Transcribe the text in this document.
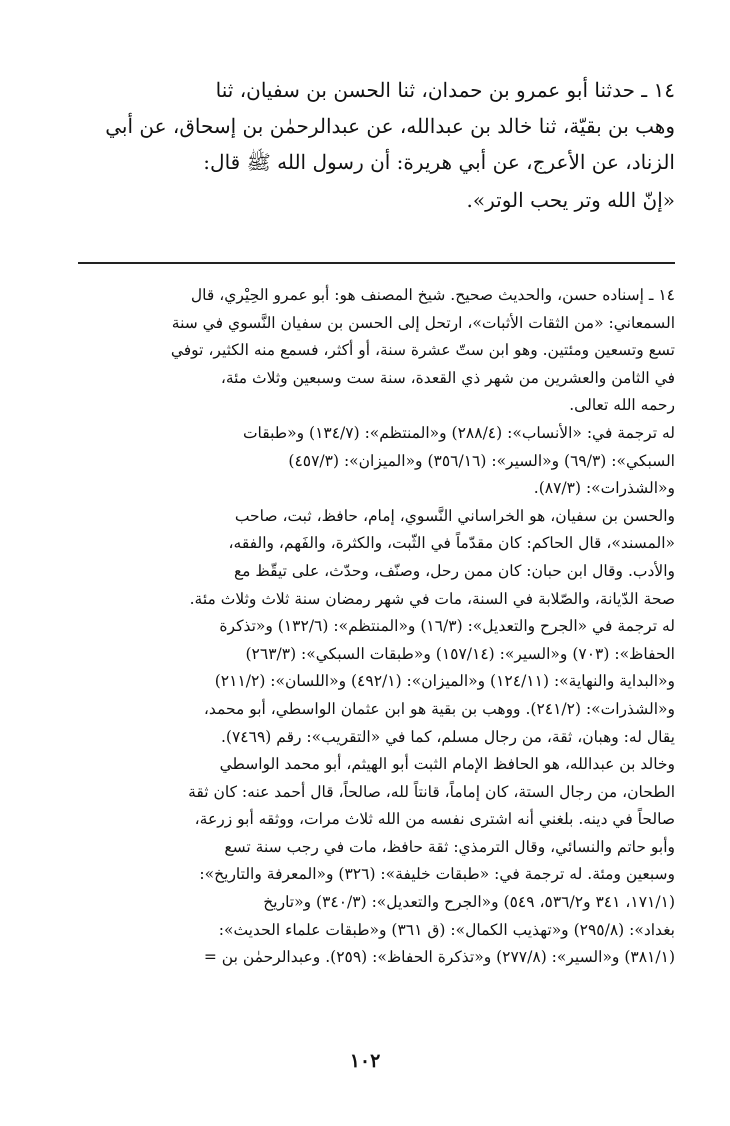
١٤ ـ حدثنا أبو عمرو بن حمدان، ثنا الحسن بن سفيان، ثنا

وهب بن بقيّة، ثنا خالد بن عبدالله، عن عبدالرحمٰن بن إسحاق، عن أبي

الزناد، عن الأعرج، عن أبي هريرة: أن رسول الله ﷺ قال:

«إنّ الله وتر يحب الوتر».

١٤ ـ إسناده حسن، والحديث صحيح. شيخ المصنف هو: أبو عمرو الحِيْري، قال

السمعاني: «من الثقات الأثبات»، ارتحل إلى الحسن بن سفيان النَّسوي في سنة

تسع وتسعين ومئتين. وهو ابن ستّ عشرة سنة، أو أكثر، فسمع منه الكثير، توفي

في الثامن والعشرين من شهر ذي القعدة، سنة ست وسبعين وثلاث مئة،

رحمه الله تعالى.

له ترجمة في: «الأنساب»: (٢٨٨/٤) و«المنتظم»: (١٣٤/٧) و«طبقات

السبكي»: (٦٩/٣) و«السير»: (٣٥٦/١٦) و«الميزان»: (٤٥٧/٣)

و«الشذرات»: (٨٧/٣).

والحسن بن سفيان، هو الخراساني النَّسوي، إمام، حافظ، ثبت، صاحب

«المسند»، قال الحاكم: كان مقدّماً في الثّبت، والكثرة، والفَهم، والفقه،

والأدب. وقال ابن حبان: كان ممن رحل، وصنّف، وحدّث، على تيقّظ مع

صحة الدّيانة، والصّلابة في السنة، مات في شهر رمضان سنة ثلاث وثلاث مئة.

له ترجمة في «الجرح والتعديل»: (١٦/٣) و«المنتظم»: (١٣٢/٦) و«تذكرة

الحفاظ»: (٧٠٣) و«السير»: (١٥٧/١٤) و«طبقات السبكي»: (٢٦٣/٣)

و«البداية والنهاية»: (١٢٤/١١) و«الميزان»: (٤٩٢/١) و«اللسان»: (٢١١/٢)

و«الشذرات»: (٢٤١/٢). ووهب بن بقية هو ابن عثمان الواسطي، أبو محمد،

يقال له: وهبان، ثقة، من رجال مسلم، كما في «التقريب»: رقم (٧٤٦٩).

وخالد بن عبدالله، هو الحافظ الإمام الثبت أبو الهيثم، أبو محمد الواسطي

الطحان، من رجال الستة، كان إماماً، قانتاً لله، صالحاً، قال أحمد عنه: كان ثقة

صالحاً في دينه. بلغني أنه اشترى نفسه من الله ثلاث مرات، ووثقه أبو زرعة،

وأبو حاتم والنسائي، وقال الترمذي: ثقة حافظ، مات في رجب سنة تسع

وسبعين ومئة. له ترجمة في: «طبقات خليفة»: (٣٢٦) و«المعرفة والتاريخ»:

(١٧١/١، ٣٤١ و٥٣٦/٢، ٥٤٩) و«الجرح والتعديل»: (٣٤٠/٣) و«تاريخ

بغداد»: (٢٩٥/٨) و«تهذيب الكمال»: (ق ٣٦١) و«طبقات علماء الحديث»:

(٣٨١/١) و«السير»: (٢٧٧/٨) و«تذكرة الحفاظ»: (٢٥٩). وعبدالرحمٰن بن =

١٠٢
